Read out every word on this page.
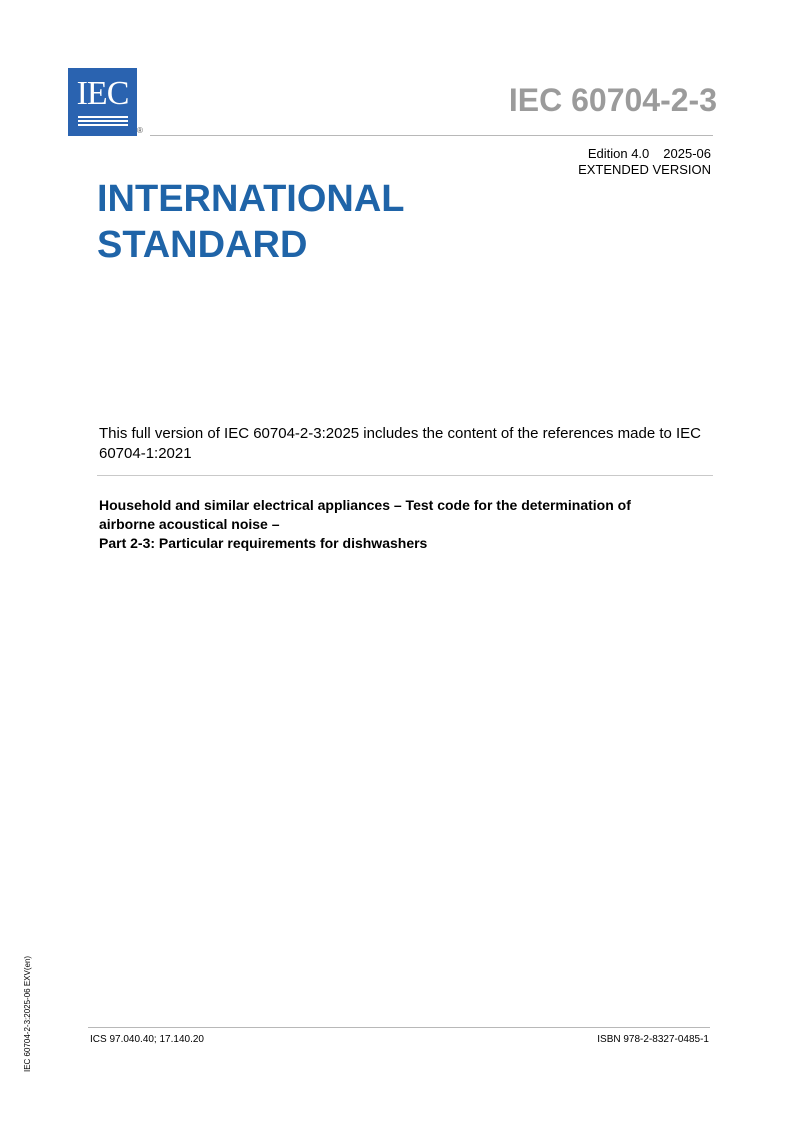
IEC
®
IEC 60704-2-3
Edition 4.0 2025-06
EXTENDED VERSION
INTERNATIONAL
STANDARD

This full version of IEC 60704-2-3:2025 includes the content of the references made to IEC 60704-1:2021

Household and similar electrical appliances – Test code for the determination of
airborne acoustical noise –
Part 2-3: Particular requirements for dishwashers
ICS 97.040.40; 17.140.20	ISBN 978-2-8327-0485-1
IEC 60704-2-3:2025-06 EXV(en)
